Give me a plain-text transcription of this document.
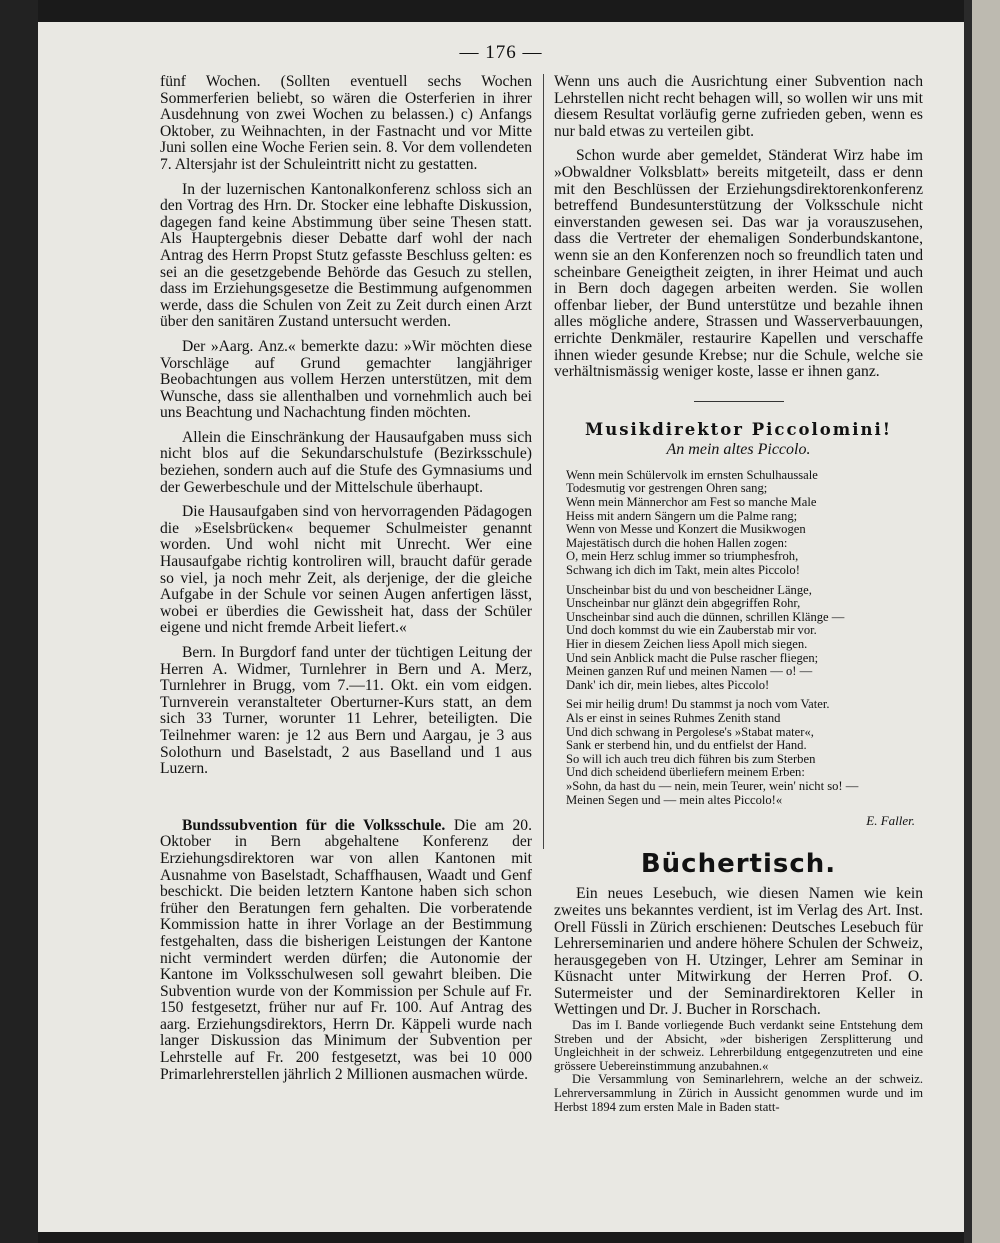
— 176 —

fünf Wochen. (Sollten eventuell sechs Wochen Sommerferien beliebt, so wären die Osterferien in ihrer Ausdehnung von zwei Wochen zu belassen.) c) Anfangs Oktober, zu Weihnachten, in der Fastnacht und vor Mitte Juni sollen eine Woche Ferien sein. 8. Vor dem vollendeten 7. Altersjahr ist der Schuleintritt nicht zu gestatten.

In der luzernischen Kantonalkonferenz schloss sich an den Vortrag des Hrn. Dr. Stocker eine lebhafte Diskussion, dagegen fand keine Abstimmung über seine Thesen statt. Als Hauptergebnis dieser Debatte darf wohl der nach Antrag des Herrn Propst Stutz gefasste Beschluss gelten: es sei an die gesetzgebende Behörde das Gesuch zu stellen, dass im Erziehungsgesetze die Bestimmung aufgenommen werde, dass die Schulen von Zeit zu Zeit durch einen Arzt über den sanitären Zustand untersucht werden.

Der »Aarg. Anz.« bemerkte dazu: »Wir möchten diese Vorschläge auf Grund gemachter langjähriger Beobachtungen aus vollem Herzen unterstützen, mit dem Wunsche, dass sie allenthalben und vornehmlich auch bei uns Beachtung und Nachachtung finden möchten.

Allein die Einschränkung der Hausaufgaben muss sich nicht blos auf die Sekundarschulstufe (Bezirksschule) beziehen, sondern auch auf die Stufe des Gymnasiums und der Gewerbeschule und der Mittelschule überhaupt.

Die Hausaufgaben sind von hervorragenden Pädagogen die »Eselsbrücken« bequemer Schulmeister genannt worden. Und wohl nicht mit Unrecht. Wer eine Hausaufgabe richtig kontroliren will, braucht dafür gerade so viel, ja noch mehr Zeit, als derjenige, der die gleiche Aufgabe in der Schule vor seinen Augen anfertigen lässt, wobei er überdies die Gewissheit hat, dass der Schüler eigene und nicht fremde Arbeit liefert.«

Bern. In Burgdorf fand unter der tüchtigen Leitung der Herren A. Widmer, Turnlehrer in Bern und A. Merz, Turnlehrer in Brugg, vom 7.—11. Okt. ein vom eidgen. Turnverein veranstalteter Oberturner-Kurs statt, an dem sich 33 Turner, worunter 11 Lehrer, beteiligten. Die Teilnehmer waren: je 12 aus Bern und Aargau, je 3 aus Solothurn und Baselstadt, 2 aus Baselland und 1 aus Luzern.

Bundssubvention für die Volksschule. Die am 20. Oktober in Bern abgehaltene Konferenz der Erziehungsdirektoren war von allen Kantonen mit Ausnahme von Baselstadt, Schaffhausen, Waadt und Genf beschickt. Die beiden letztern Kantone haben sich schon früher den Beratungen fern gehalten. Die vorberatende Kommission hatte in ihrer Vorlage an der Bestimmung festgehalten, dass die bisherigen Leistungen der Kantone nicht vermindert werden dürfen; die Autonomie der Kantone im Volksschulwesen soll gewahrt bleiben. Die Subvention wurde von der Kommission per Schule auf Fr. 150 festgesetzt, früher nur auf Fr. 100. Auf Antrag des aarg. Erziehungsdirektors, Herrn Dr. Käppeli wurde nach langer Diskussion das Minimum der Subvention per Lehrstelle auf Fr. 200 festgesetzt, was bei 10 000 Primarlehrerstellen jährlich 2 Millionen ausmachen würde.

Wenn uns auch die Ausrichtung einer Subvention nach Lehrstellen nicht recht behagen will, so wollen wir uns mit diesem Resultat vorläufig gerne zufrieden geben, wenn es nur bald etwas zu verteilen gibt.

Schon wurde aber gemeldet, Ständerat Wirz habe im »Obwaldner Volksblatt» bereits mitgeteilt, dass er denn mit den Beschlüssen der Erziehungsdirektorenkonferenz betreffend Bundesunterstützung der Volksschule nicht einverstanden gewesen sei. Das war ja vorauszusehen, dass die Vertreter der ehemaligen Sonderbundskantone, wenn sie an den Konferenzen noch so freundlich taten und scheinbare Geneigtheit zeigten, in ihrer Heimat und auch in Bern doch dagegen arbeiten werden. Sie wollen offenbar lieber, der Bund unterstütze und bezahle ihnen alles mögliche andere, Strassen und Wasserverbauungen, errichte Denkmäler, restaurire Kapellen und verschaffe ihnen wieder gesunde Krebse; nur die Schule, welche sie verhältnismässig weniger koste, lasse er ihnen ganz.

Musikdirektor Piccolomini!
An mein altes Piccolo.
Wenn mein Schülervolk im ernsten Schulhaussale
Todesmutig vor gestrengen Ohren sang;
Wenn mein Männerchor am Fest so manche Male
Heiss mit andern Sängern um die Palme rang;
Wenn von Messe und Konzert die Musikwogen
Majestätisch durch die hohen Hallen zogen:
O, mein Herz schlug immer so triumphesfroh,
Schwang ich dich im Takt, mein altes Piccolo!
Unscheinbar bist du und von bescheidner Länge,
Unscheinbar nur glänzt dein abgegriffen Rohr,
Unscheinbar sind auch die dünnen, schrillen Klänge —
Und doch kommst du wie ein Zauberstab mir vor.
Hier in diesem Zeichen liess Apoll mich siegen.
Und sein Anblick macht die Pulse rascher fliegen;
Meinen ganzen Ruf und meinen Namen — o! —
Dank' ich dir, mein liebes, altes Piccolo!
Sei mir heilig drum! Du stammst ja noch vom Vater.
Als er einst in seines Ruhmes Zenith stand
Und dich schwang in Pergolese's »Stabat mater«,
Sank er sterbend hin, und du entfielst der Hand.
So will ich auch treu dich führen bis zum Sterben
Und dich scheidend überliefern meinem Erben:
»Sohn, da hast du — nein, mein Teurer, wein' nicht so! —
Meinen Segen und — mein altes Piccolo!«
E. Faller.
Büchertisch.

Ein neues Lesebuch, wie diesen Namen wie kein zweites uns bekanntes verdient, ist im Verlag des Art. Inst. Orell Füssli in Zürich erschienen: Deutsches Lesebuch für Lehrerseminarien und andere höhere Schulen der Schweiz, herausgegeben von H. Utzinger, Lehrer am Seminar in Küsnacht unter Mitwirkung der Herren Prof. O. Sutermeister und der Seminardirektoren Keller in Wettingen und Dr. J. Bucher in Rorschach.

Das im I. Bande vorliegende Buch verdankt seine Entstehung dem Streben und der Absicht, »der bisherigen Zersplitterung und Ungleichheit in der schweiz. Lehrerbildung entgegenzutreten und eine grössere Uebereinstimmung anzubahnen.«

Die Versammlung von Seminarlehrern, welche an der schweiz. Lehrerversammlung in Zürich in Aussicht genommen wurde und im Herbst 1894 zum ersten Male in Baden statt-
